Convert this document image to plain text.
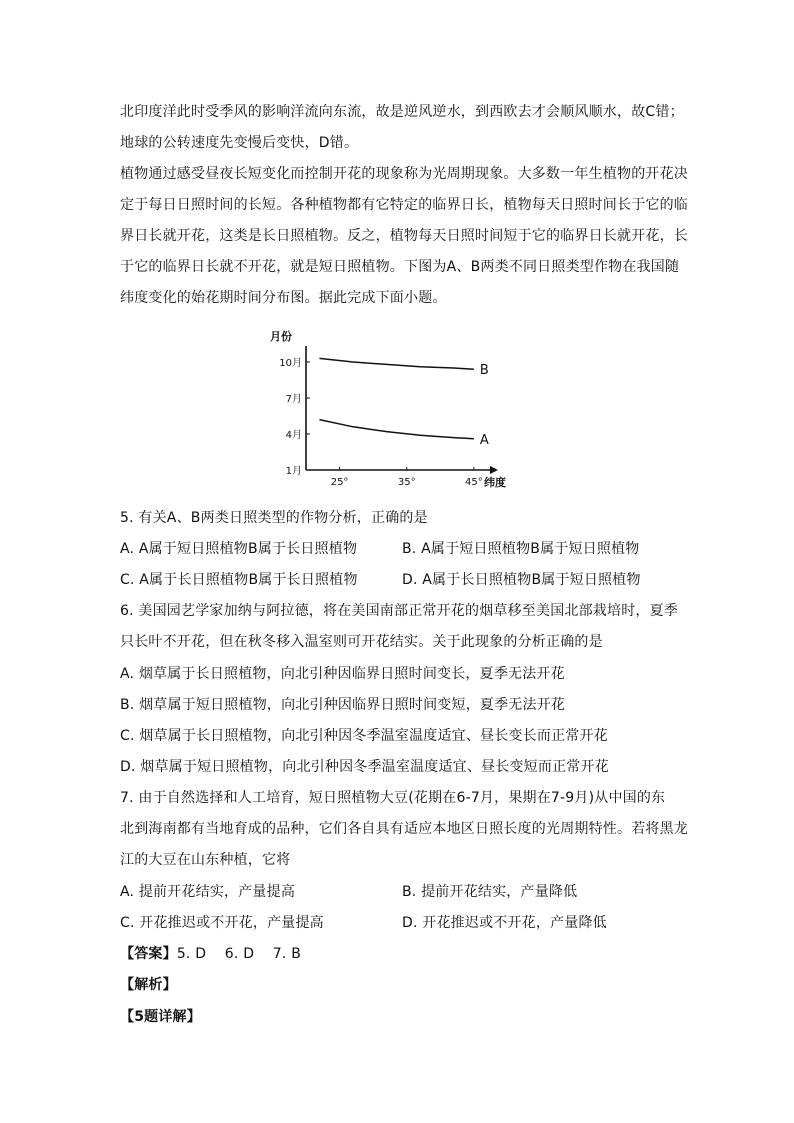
北印度洋此时受季风的影响洋流向东流，故是逆风逆水，到西欧去才会顺风顺水，故C错；
地球的公转速度先变慢后变快，D错。
植物通过感受昼夜长短变化而控制开花的现象称为光周期现象。大多数一年生植物的开花决
定于每日日照时间的长短。各种植物都有它特定的临界日长，植物每天日照时间长于它的临
界日长就开花，这类是长日照植物。反之，植物每天日照时间短于它的临界日长就开花，长
于它的临界日长就不开花，就是短日照植物。下图为A、B两类不同日照类型作物在我国随
纬度变化的始花期时间分布图。据此完成下面小题。
月份
纬度
1月
4月
7月
10月
25°	35°	45°
A
B
5. 有关A、B两类日照类型的作物分析，正确的是
A. A属于短日照植物B属于长日照植物	B. A属于短日照植物B属于短日照植物
C. A属于长日照植物B属于长日照植物	D. A属于长日照植物B属于短日照植物
6. 美国园艺学家加纳与阿拉德，将在美国南部正常开花的烟草移至美国北部栽培时，夏季
只长叶不开花，但在秋冬移入温室则可开花结实。关于此现象的分析正确的是
A. 烟草属于长日照植物，向北引种因临界日照时间变长，夏季无法开花
B. 烟草属于短日照植物，向北引种因临界日照时间变短，夏季无法开花
C. 烟草属于长日照植物，向北引种因冬季温室温度适宜、昼长变长而正常开花
D. 烟草属于短日照植物，向北引种因冬季温室温度适宜、昼长变短而正常开花
7. 由于自然选择和人工培育，短日照植物大豆(花期在6-7月，果期在7-9月)从中国的东
北到海南都有当地育成的品种，它们各自具有适应本地区日照长度的光周期特性。若将黑龙
江的大豆在山东种植，它将
A. 提前开花结实，产量提高	B. 提前开花结实，产量降低
C. 开花推迟或不开花，产量提高	D. 开花推迟或不开花，产量降低
【答案】5. D    6. D    7. B
【解析】
【5题详解】
